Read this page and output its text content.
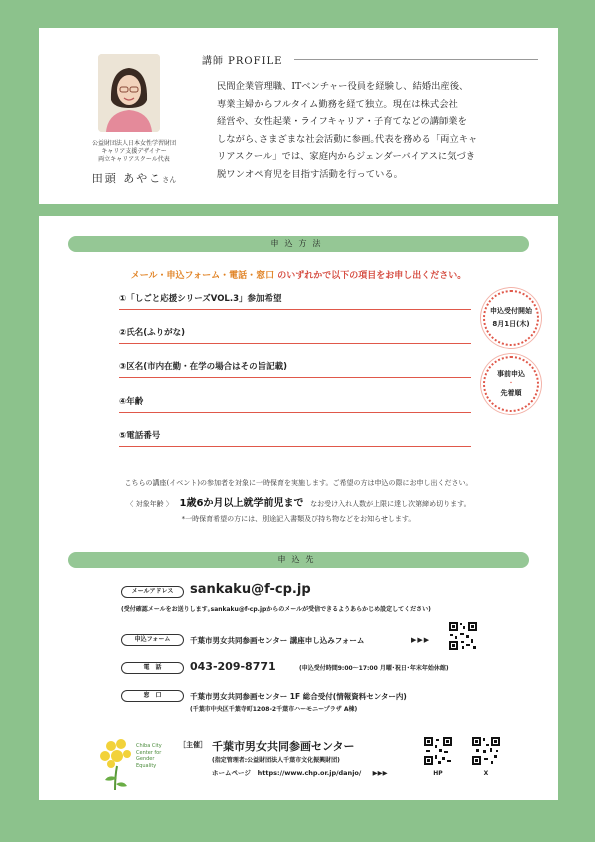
公益財団法人日本女性学習財団
キャリア支援デザイナー
両立キャリアスクール代表
田頭 あやこさん
講師 PROFILE
民間企業管理職、ITベンチャー役員を経験し、結婚出産後、
専業主婦からフルタイム勤務を経て独立。現在は株式会社
経営や、女性起業・ライフキャリア・子育てなどの講師業を
しながら､さまざまな社会活動に参画｡代表を務める「両立キャ
リアスクール」では、家庭内からジェンダーバイアスに気づき
脱ワンオペ育児を目指す活動を行っている。
申込方法
メール・申込フォーム・電話・窓口 のいずれかで以下の項目をお申し出ください。
①「しごと応援シリーズVOL.3」参加希望
②氏名(ふりがな)
③区名(市内在勤・在学の場合はその旨記載)
④年齢
⑤電話番号
申込受付開始
8月1日(木)
事前申込
・
先着順
こちらの講座(イベント)の参加者を対象に一時保育を実施します。ご希望の方は申込の際にお申し出ください。
〈 対象年齢 〉 1歳6か月以上就学前児まで なお受け入れ人数が上限に達し次第締め切ります。
*一時保育希望の方には、別途記入書類及び持ち物などをお知らせします。
申込先
メールアドレス	sankaku@f-cp.jp
(受付確認メールをお送りします｡sankaku@f-cp.jpからのメールが受信できるようあらかじめ設定してください)
申込フォーム	千葉市男女共同参画センター 講座申し込みフォーム	▶▶▶
電　話	043-209-8771	(申込受付時間9:00〜17:00 月曜･祝日･年末年始休館)
窓　口	千葉市男女共同参画センター 1F 総合受付(情報資料センター内)
(千葉市中央区千葉寺町1208-2千葉市ハーモニープラザ A棟)
Chiba City
Center for
Gender
Equality
［主催］ 千葉市男女共同参画センター
(指定管理者:公益財団法人千葉市文化振興財団)
ホームページ https://www.chp.or.jp/danjo/ ▶▶▶	HP	X
